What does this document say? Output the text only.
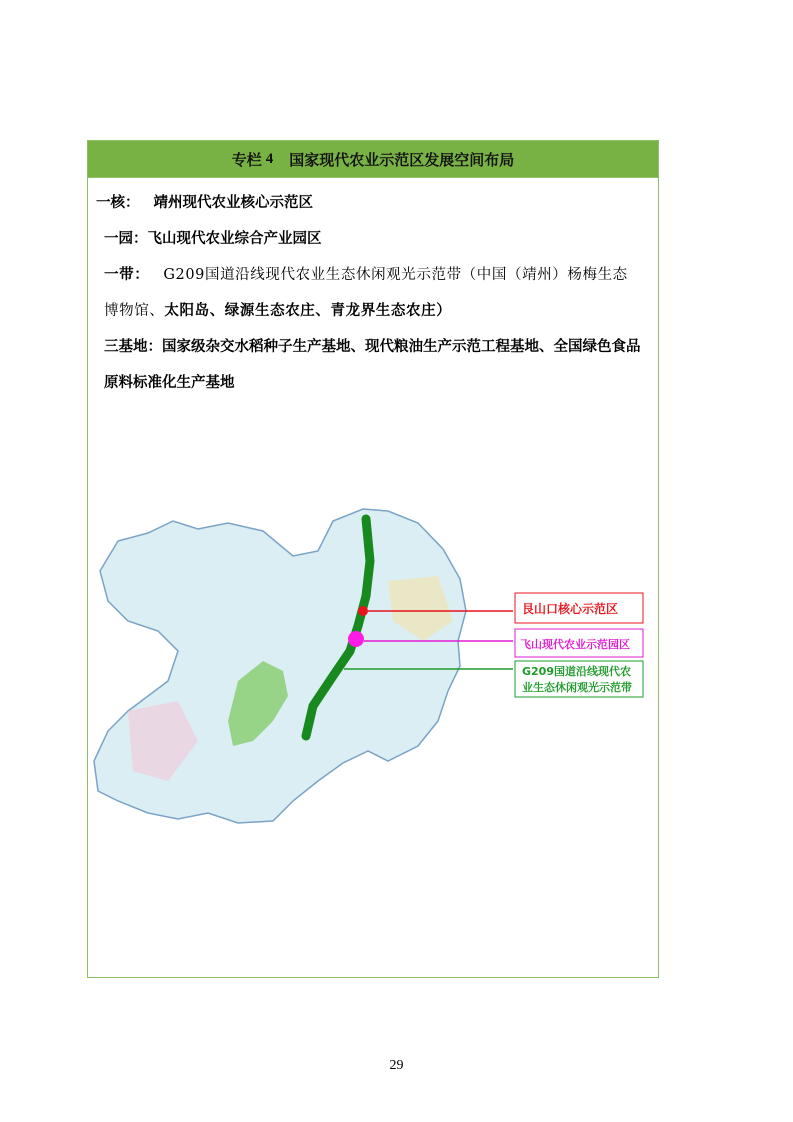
专栏 4 国家现代农业示范区发展空间布局
一核： 靖州现代农业核心示范区
一园：飞山现代农业综合产业园区
一带： G209国道沿线现代农业生态休闲观光示范带（中国（靖州）杨梅生态
博物馆、太阳岛、绿源生态农庄、青龙界生态农庄）
三基地：国家级杂交水稻种子生产基地、现代粮油生产示范工程基地、全国绿色食品原料标准化生产基地
艮山口核心示范区
飞山现代农业示范园区
G209国道沿线现代农
业生态休闲观光示范带
29
